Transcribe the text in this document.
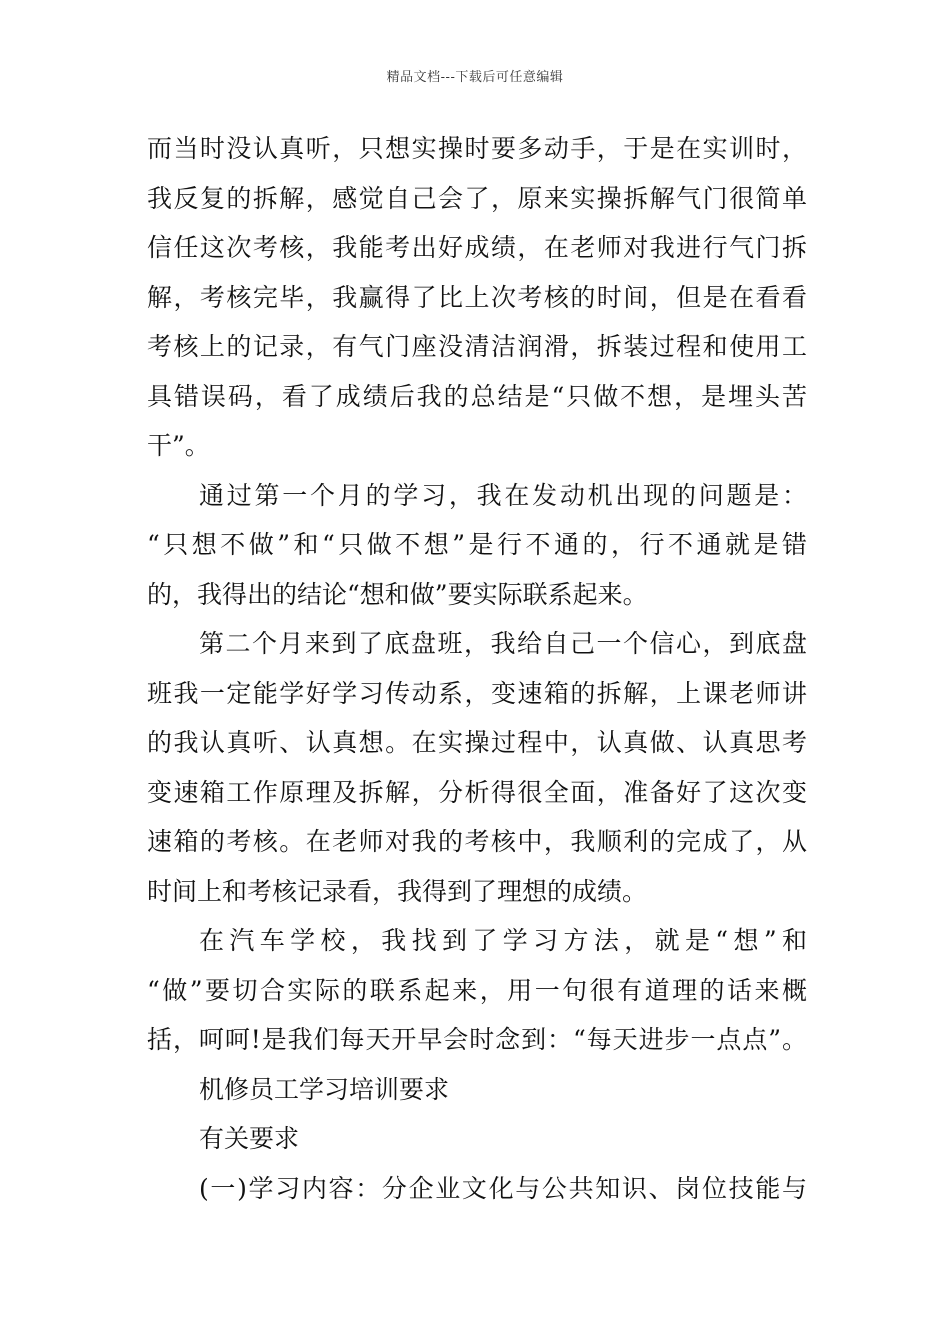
精品文档---下载后可任意编辑
而当时没认真听，只想实操时要多动手，于是在实训时，
我反复的拆解，感觉自己会了，原来实操拆解气门很简单
信任这次考核，我能考出好成绩，在老师对我进行气门拆
解，考核完毕，我赢得了比上次考核的时间，但是在看看
考核上的记录，有气门座没清洁润滑，拆装过程和使用工
具错误码，看了成绩后我的总结是“只做不想，是埋头苦
干”。
通过第一个月的学习，我在发动机出现的问题是：
“只想不做”和“只做不想”是行不通的，行不通就是错
的，我得出的结论“想和做”要实际联系起来。
第二个月来到了底盘班，我给自己一个信心，到底盘
班我一定能学好学习传动系，变速箱的拆解，上课老师讲
的我认真听、认真想。在实操过程中，认真做、认真思考
变速箱工作原理及拆解，分析得很全面，准备好了这次变
速箱的考核。在老师对我的考核中，我顺利的完成了，从
时间上和考核记录看，我得到了理想的成绩。
在汽车学校，我找到了学习方法，就是“想”和
“做”要切合实际的联系起来，用一句很有道理的话来概
括，呵呵!是我们每天开早会时念到：“每天进步一点点”。
机修员工学习培训要求
有关要求
(一)学习内容：分企业文化与公共知识、岗位技能与
